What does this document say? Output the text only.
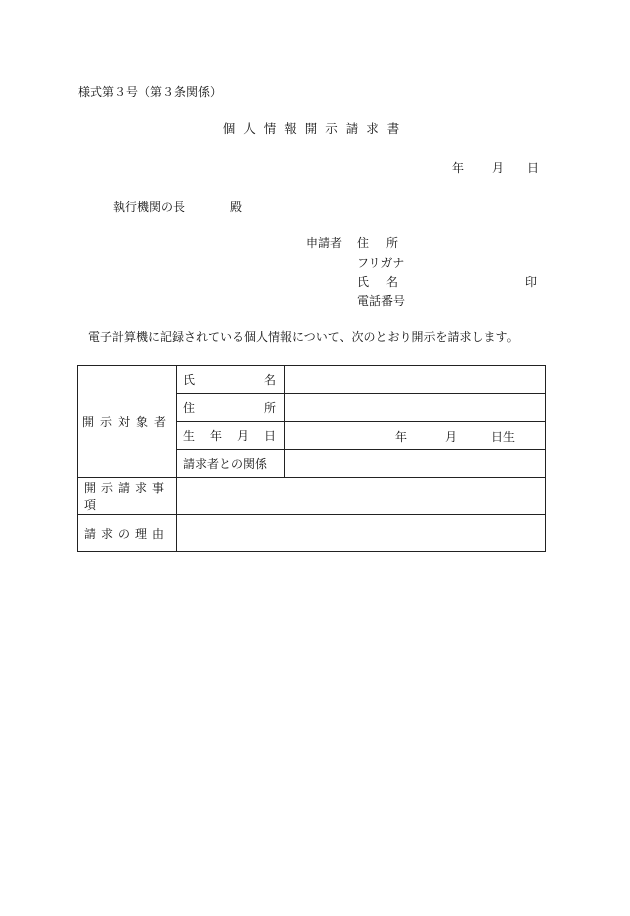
様式第３号（第３条関係）
個人情報開示請求書
年 月 日
執行機関の長	殿
申請者 住所
フリガナ
氏名	印
電話番号
電子計算機に記録されている個人情報について、次のとおり開示を請求します。
開示対象者	氏 名	

	住 所	

	生 年 月 日	年 月 日生

	請求者との関係	
開示請求事項		
請求の理由		
